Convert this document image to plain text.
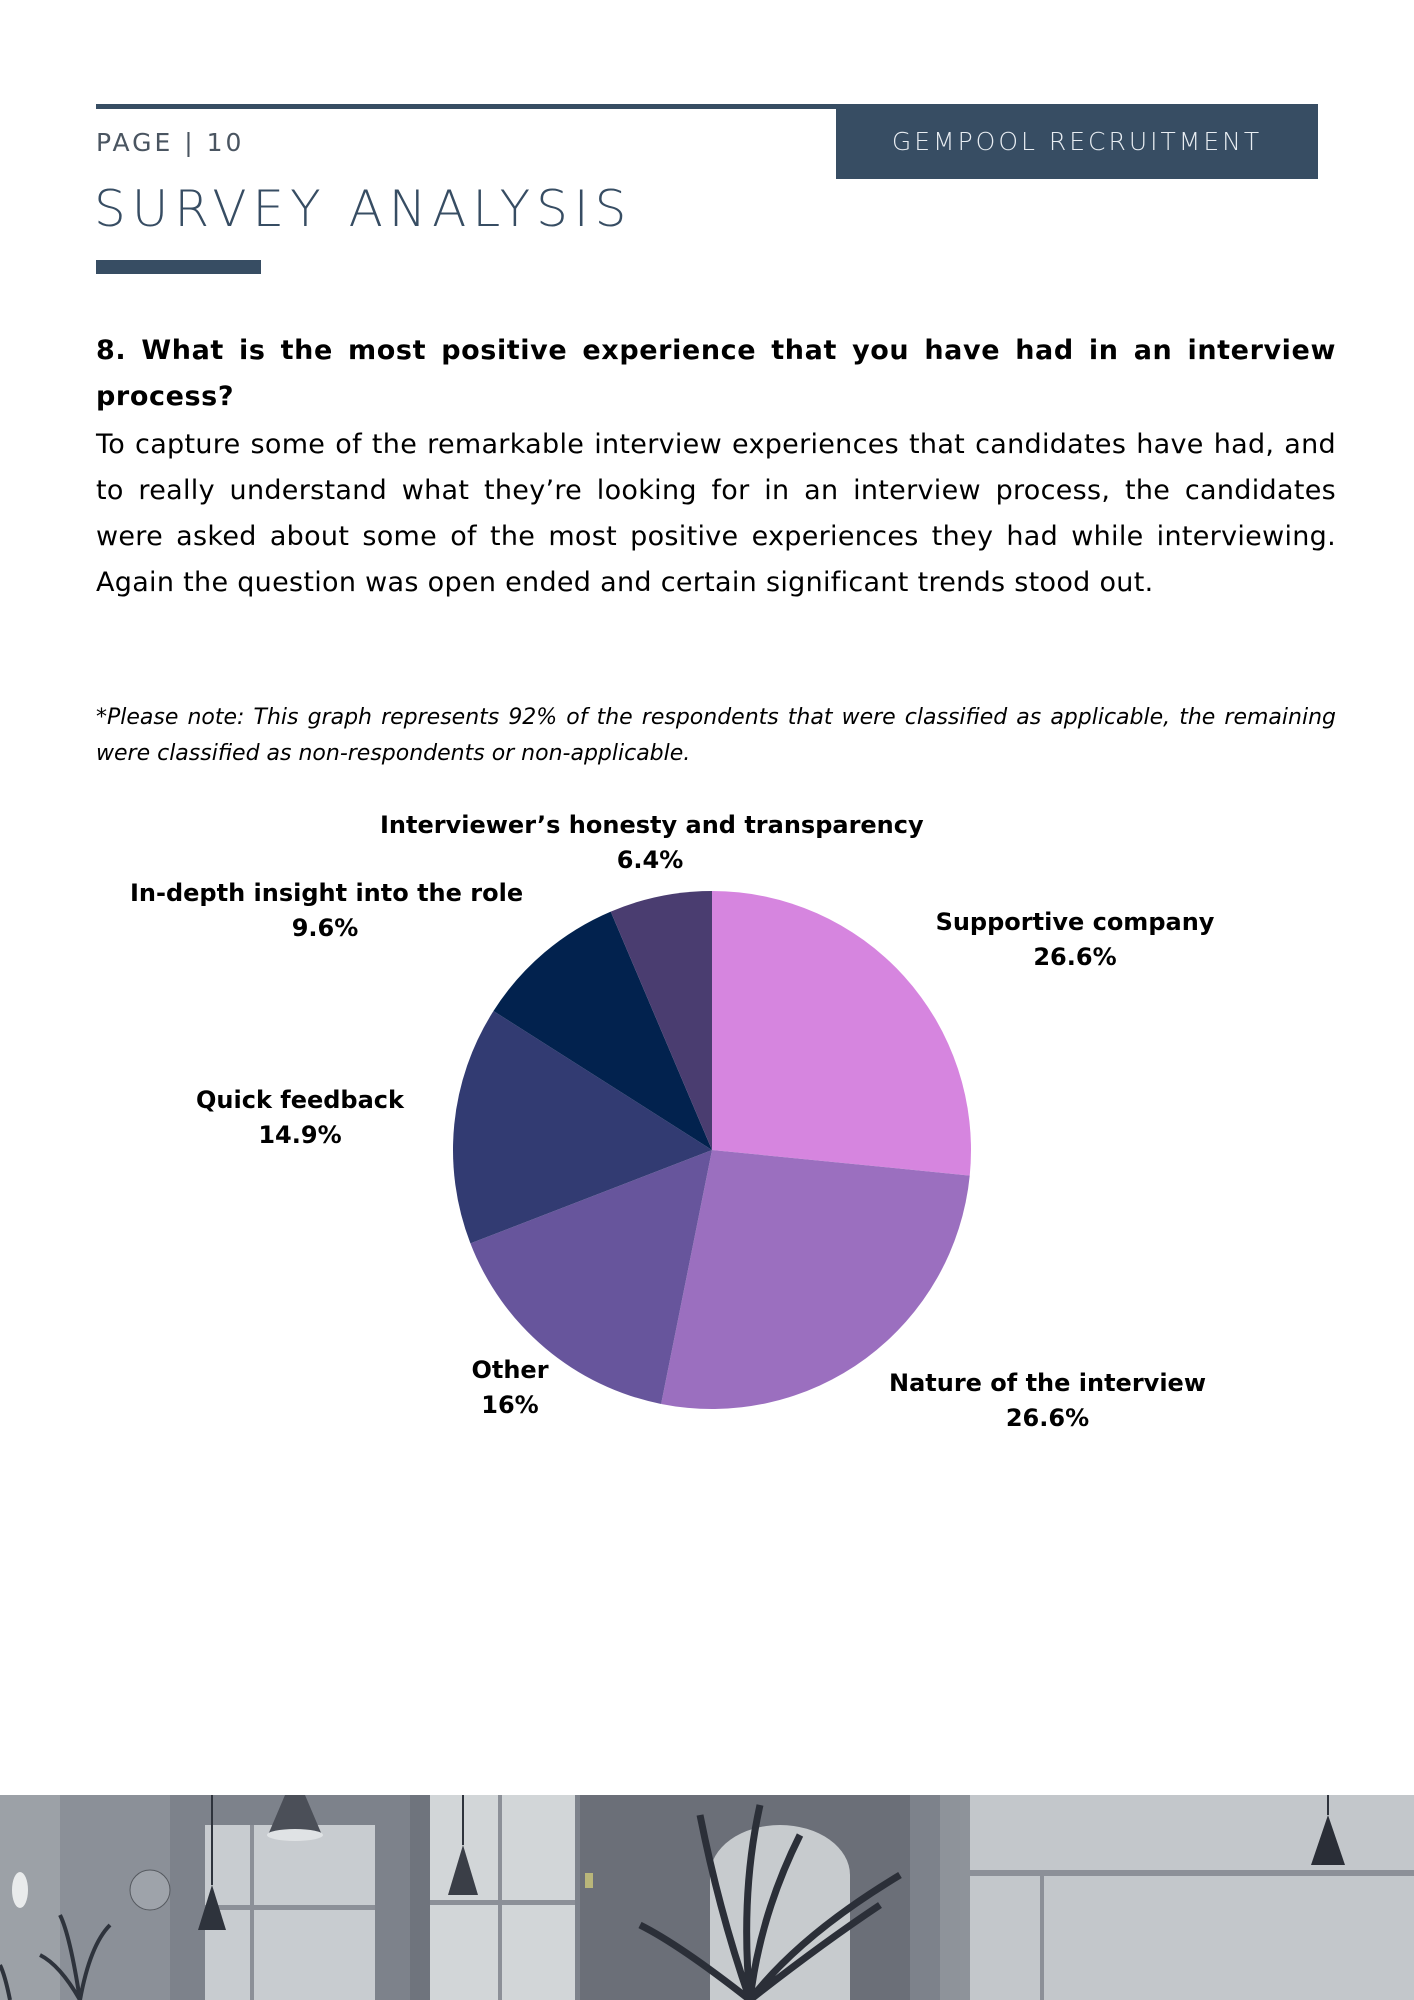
GEMPOOL RECRUITMENT
PAGE | 10
SURVEY ANALYSIS
8. What is the most positive experience that you have had in an interview process?
To capture some of the remarkable interview experiences that candidates have had, and to really understand what they’re looking for in an interview process, the candidates were asked about some of the most positive experiences they had while interviewing. Again the question was open ended and certain significant trends stood out.
*Please note: This graph represents 92% of the respondents that were classified as applicable, the remaining were classified as non-respondents or non-applicable.
Supportive company
26.6%
Nature of the interview
26.6%
Other
16%
Quick feedback
14.9%
In-depth insight into the role
9.6%
Interviewer’s honesty and transparency
6.4%
